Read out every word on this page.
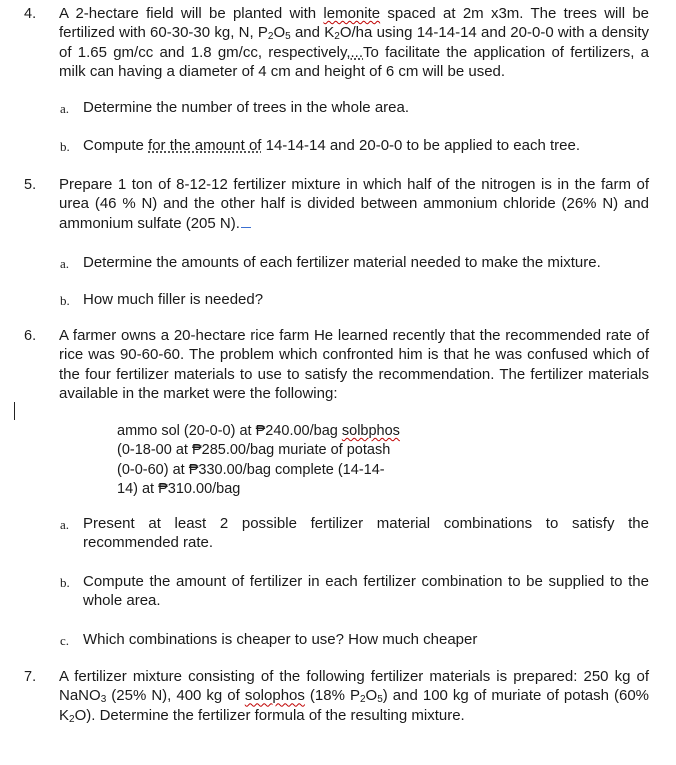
4. A 2-hectare field will be planted with lemonite spaced at 2m x3m. The trees will be fertilized with 60-30-30 kg, N, $P_2O_5$ and $K_2O/ha$ using 14-14-14 and 20-0-0 with a density of 1.65 gm/cc and 1.8 gm/cc, respectively,...To facilitate the application of fertilizers, a milk can having a diameter of 4 cm and height of 6 cm will be used.

a. Determine the number of trees in the whole area.
b. Compute for the amount of 14-14-14 and 20-0-0 to be applied to each tree.
5. Prepare 1 ton of 8-12-12 fertilizer mixture in which half of the nitrogen is in the farm of urea (46 % N) and the other half is divided between ammonium chloride (26% N) and ammonium sulfate (205 N).

a. Determine the amounts of each fertilizer material needed to make the mixture.
b. How much filler is needed?
6. A farmer owns a 20-hectare rice farm He learned recently that the recommended rate of rice was 90-60-60. The problem which confronted him is that he was confused which of the four fertilizer materials to use to satisfy the recommendation. The fertilizer materials available in the market were the following:
ammo sol (20-0-0) at ₱240.00/bag solbphos
(0-18-00 at ₱285.00/bag muriate of potash
(0-0-60) at ₱330.00/bag complete (14-14-
14) at ₱310.00/bag
a. Present at least 2 possible fertilizer material combinations to satisfy the recommended rate.
b. Compute the amount of fertilizer in each fertilizer combination to be supplied to the whole area.
c. Which combinations is cheaper to use? How much cheaper
7. A fertilizer mixture consisting of the following fertilizer materials is prepared: 250 kg of NaNO$_3$ (25% N), 400 kg of solophos (18% $P_2O_5$) and 100 kg of muriate of potash (60% $K_2O$). Determine the fertilizer formula of the resulting mixture.
